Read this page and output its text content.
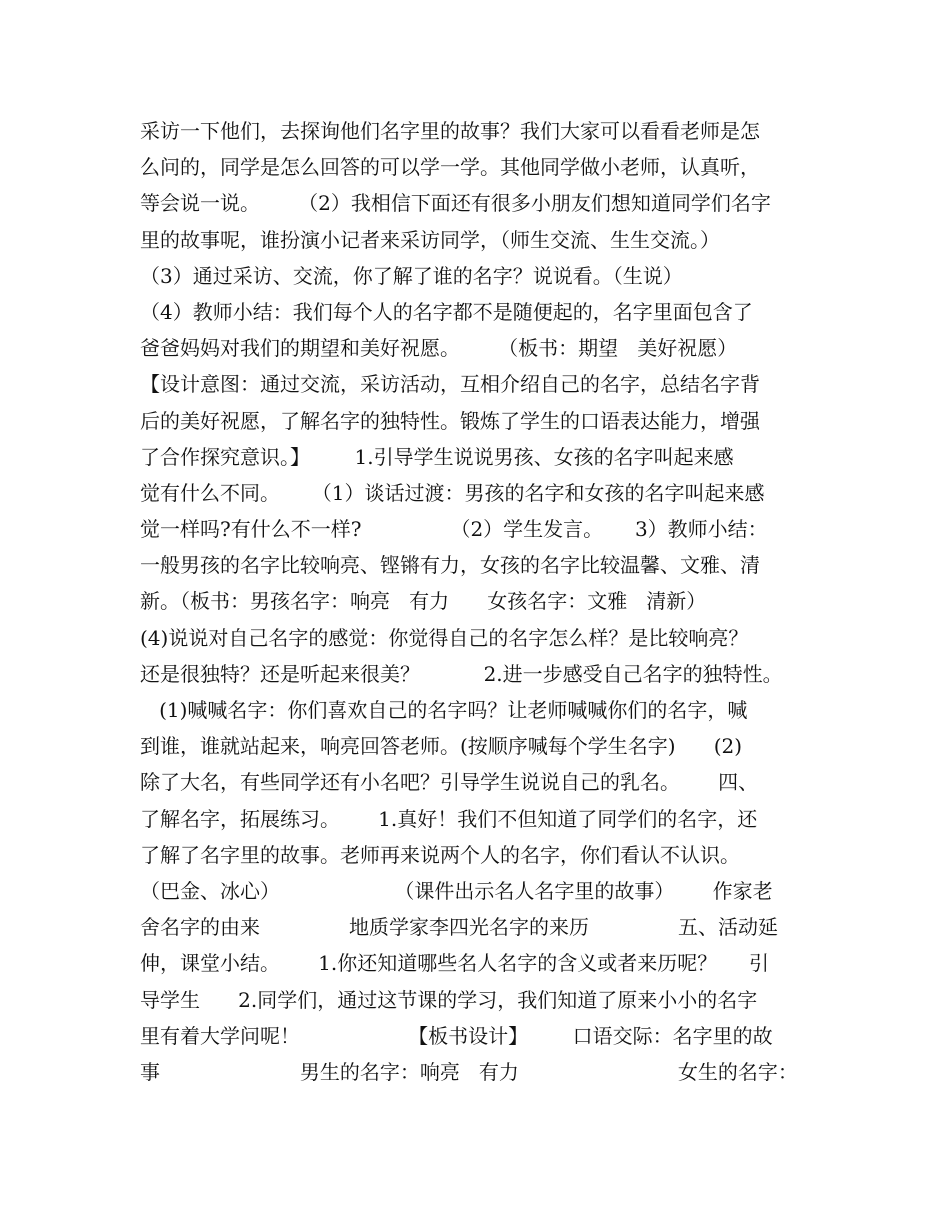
采访一下他们，去探询他们名字里的故事？我们大家可以看看老师是怎
么问的，同学是怎么回答的可以学一学。其他同学做小老师，认真听，
等会说一说。      （2）我相信下面还有很多小朋友们想知道同学们名字
里的故事呢，谁扮演小记者来采访同学，（师生交流、生生交流。）
（3）通过采访、交流，你了解了谁的名字？说说看。（生说）
（4）教师小结：我们每个人的名字都不是随便起的，名字里面包含了
爸爸妈妈对我们的期望和美好祝愿。      （板书：期望   美好祝愿）
【设计意图：通过交流，采访活动，互相介绍自己的名字，总结名字背
后的美好祝愿，了解名字的独特性。锻炼了学生的口语表达能力，增强
了合作探究意识。】       1.引导学生说说男孩、女孩的名字叫起来感
觉有什么不同。     （1）谈话过渡：男孩的名字和女孩的名字叫起来感
觉一样吗?有什么不一样?              （2）学生发言。     3）教师小结：
一般男孩的名字比较响亮、铿锵有力，女孩的名字比较温馨、文雅、清
新。（板书：男孩名字：响亮   有力      女孩名字：文雅   清新）
(4)说说对自己名字的感觉：你觉得自己的名字怎么样？是比较响亮？
还是很独特？还是听起来很美？          2.进一步感受自己名字的独特性。
(1)喊喊名字：你们喜欢自己的名字吗？让老师喊喊你们的名字，喊
到谁，谁就站起来，响亮回答老师。(按顺序喊每个学生名字)      (2)
除了大名，有些同学还有小名吧？引导学生说说自己的乳名。      四、
了解名字，拓展练习。      1.真好！我们不但知道了同学们的名字，还
了解了名字里的故事。老师再来说两个人的名字，你们看认不认识。
（巴金、冰心）                  （课件出示名人名字里的故事）      作家老
舍名字的由来              地质学家李四光名字的来历              五、活动延
伸，课堂小结。      1.你还知道哪些名人名字的含义或者来历呢？     引
导学生      2.同学们，通过这节课的学习，我们知道了原来小小的名字
里有着大学问呢！                 【板书设计】       口语交际：名字里的故
事                      男生的名字：响亮   有力                         女生的名字：
